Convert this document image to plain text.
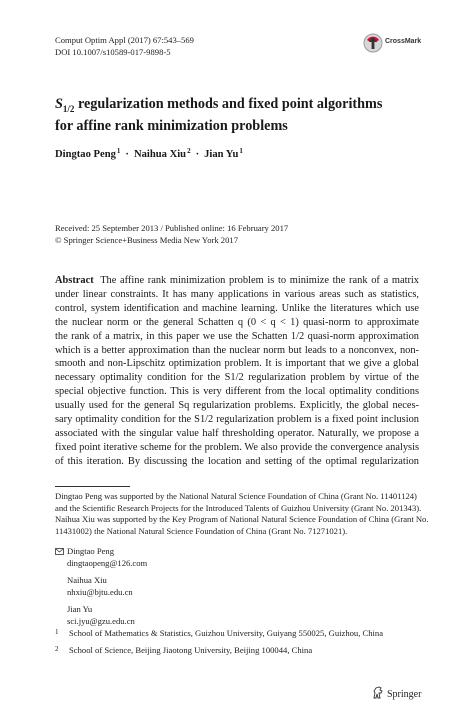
Comput Optim Appl (2017) 67:543–569
DOI 10.1007/s10589-017-9898-5
CrossMark
$S_{1/2}$ regularization methods and fixed point algorithms
for affine rank minimization problems
Dingtao Peng$^1$ · Naihua Xiu$^2$ · Jian Yu$^1$
Received: 25 September 2013 / Published online: 16 February 2017
© Springer Science+Business Media New York 2017
Abstract The affine rank minimization problem is to minimize the rank of a matrix
under linear constraints. It has many applications in various areas such as statistics,
control, system identification and machine learning. Unlike the literatures which use
the nuclear norm or the general Schatten q (0 < q < 1) quasi-norm to approximate
the rank of a matrix, in this paper we use the Schatten 1/2 quasi-norm approximation
which is a better approximation than the nuclear norm but leads to a nonconvex, non-
smooth and non-Lipschitz optimization problem. It is important that we give a global
necessary optimality condition for the S1/2 regularization problem by virtue of the
special objective function. This is very different from the local optimality conditions
usually used for the general Sq regularization problems. Explicitly, the global neces-
sary optimality condition for the S1/2 regularization problem is a fixed point inclusion
associated with the singular value half thresholding operator. Naturally, we propose a
fixed point iterative scheme for the problem. We also provide the convergence analysis
of this iteration. By discussing the location and setting of the optimal regularization
Dingtao Peng was supported by the National Natural Science Foundation of China (Grant No. 11401124)
and the Scientific Research Projects for the Introduced Talents of Guizhou University (Grant No. 201343).
Naihua Xiu was supported by the Key Program of National Natural Science Foundation of China (Grant No.
11431002) the National Natural Science Foundation of China (Grant No. 71271021).
Dingtao Peng
dingtaopeng@126.com
Naihua Xiu
nhxiu@bjtu.edu.cn
Jian Yu
sci.jyu@gzu.edu.cn
1 School of Mathematics & Statistics, Guizhou University, Guiyang 550025, Guizhou, China
2 School of Science, Beijing Jiaotong University, Beijing 100044, China
Springer
